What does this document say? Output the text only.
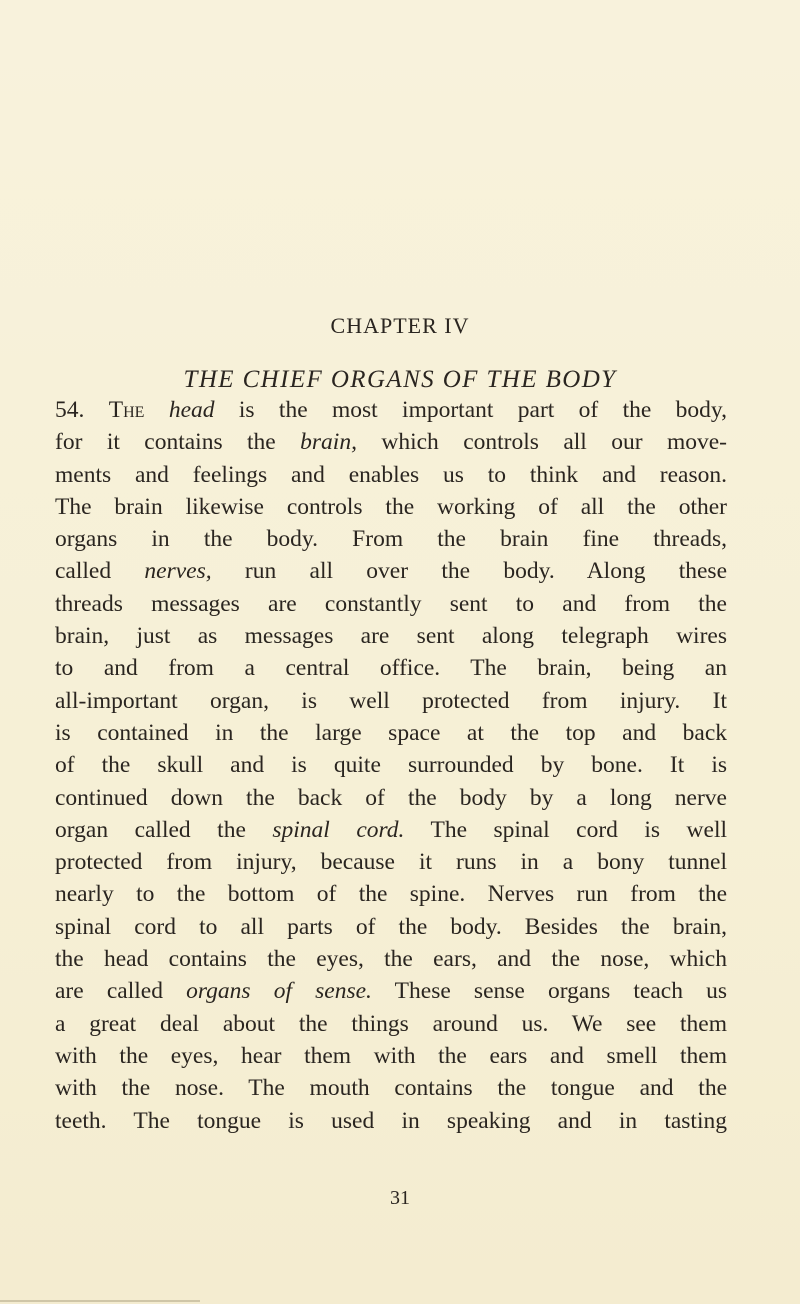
CHAPTER IV
THE CHIEF ORGANS OF THE BODY
54. The head is the most important part of the body,
for it contains the brain, which controls all our move-
ments and feelings and enables us to think and reason.
The brain likewise controls the working of all the other
organs in the body. From the brain fine threads,
called nerves, run all over the body. Along these
threads messages are constantly sent to and from the
brain, just as messages are sent along telegraph wires
to and from a central office. The brain, being an
all-important organ, is well protected from injury. It
is contained in the large space at the top and back
of the skull and is quite surrounded by bone. It is
continued down the back of the body by a long nerve
organ called the spinal cord. The spinal cord is well
protected from injury, because it runs in a bony tunnel
nearly to the bottom of the spine. Nerves run from the
spinal cord to all parts of the body. Besides the brain,
the head contains the eyes, the ears, and the nose, which
are called organs of sense. These sense organs teach us
a great deal about the things around us. We see them
with the eyes, hear them with the ears and smell them
with the nose. The mouth contains the tongue and the
teeth. The tongue is used in speaking and in tasting
31
